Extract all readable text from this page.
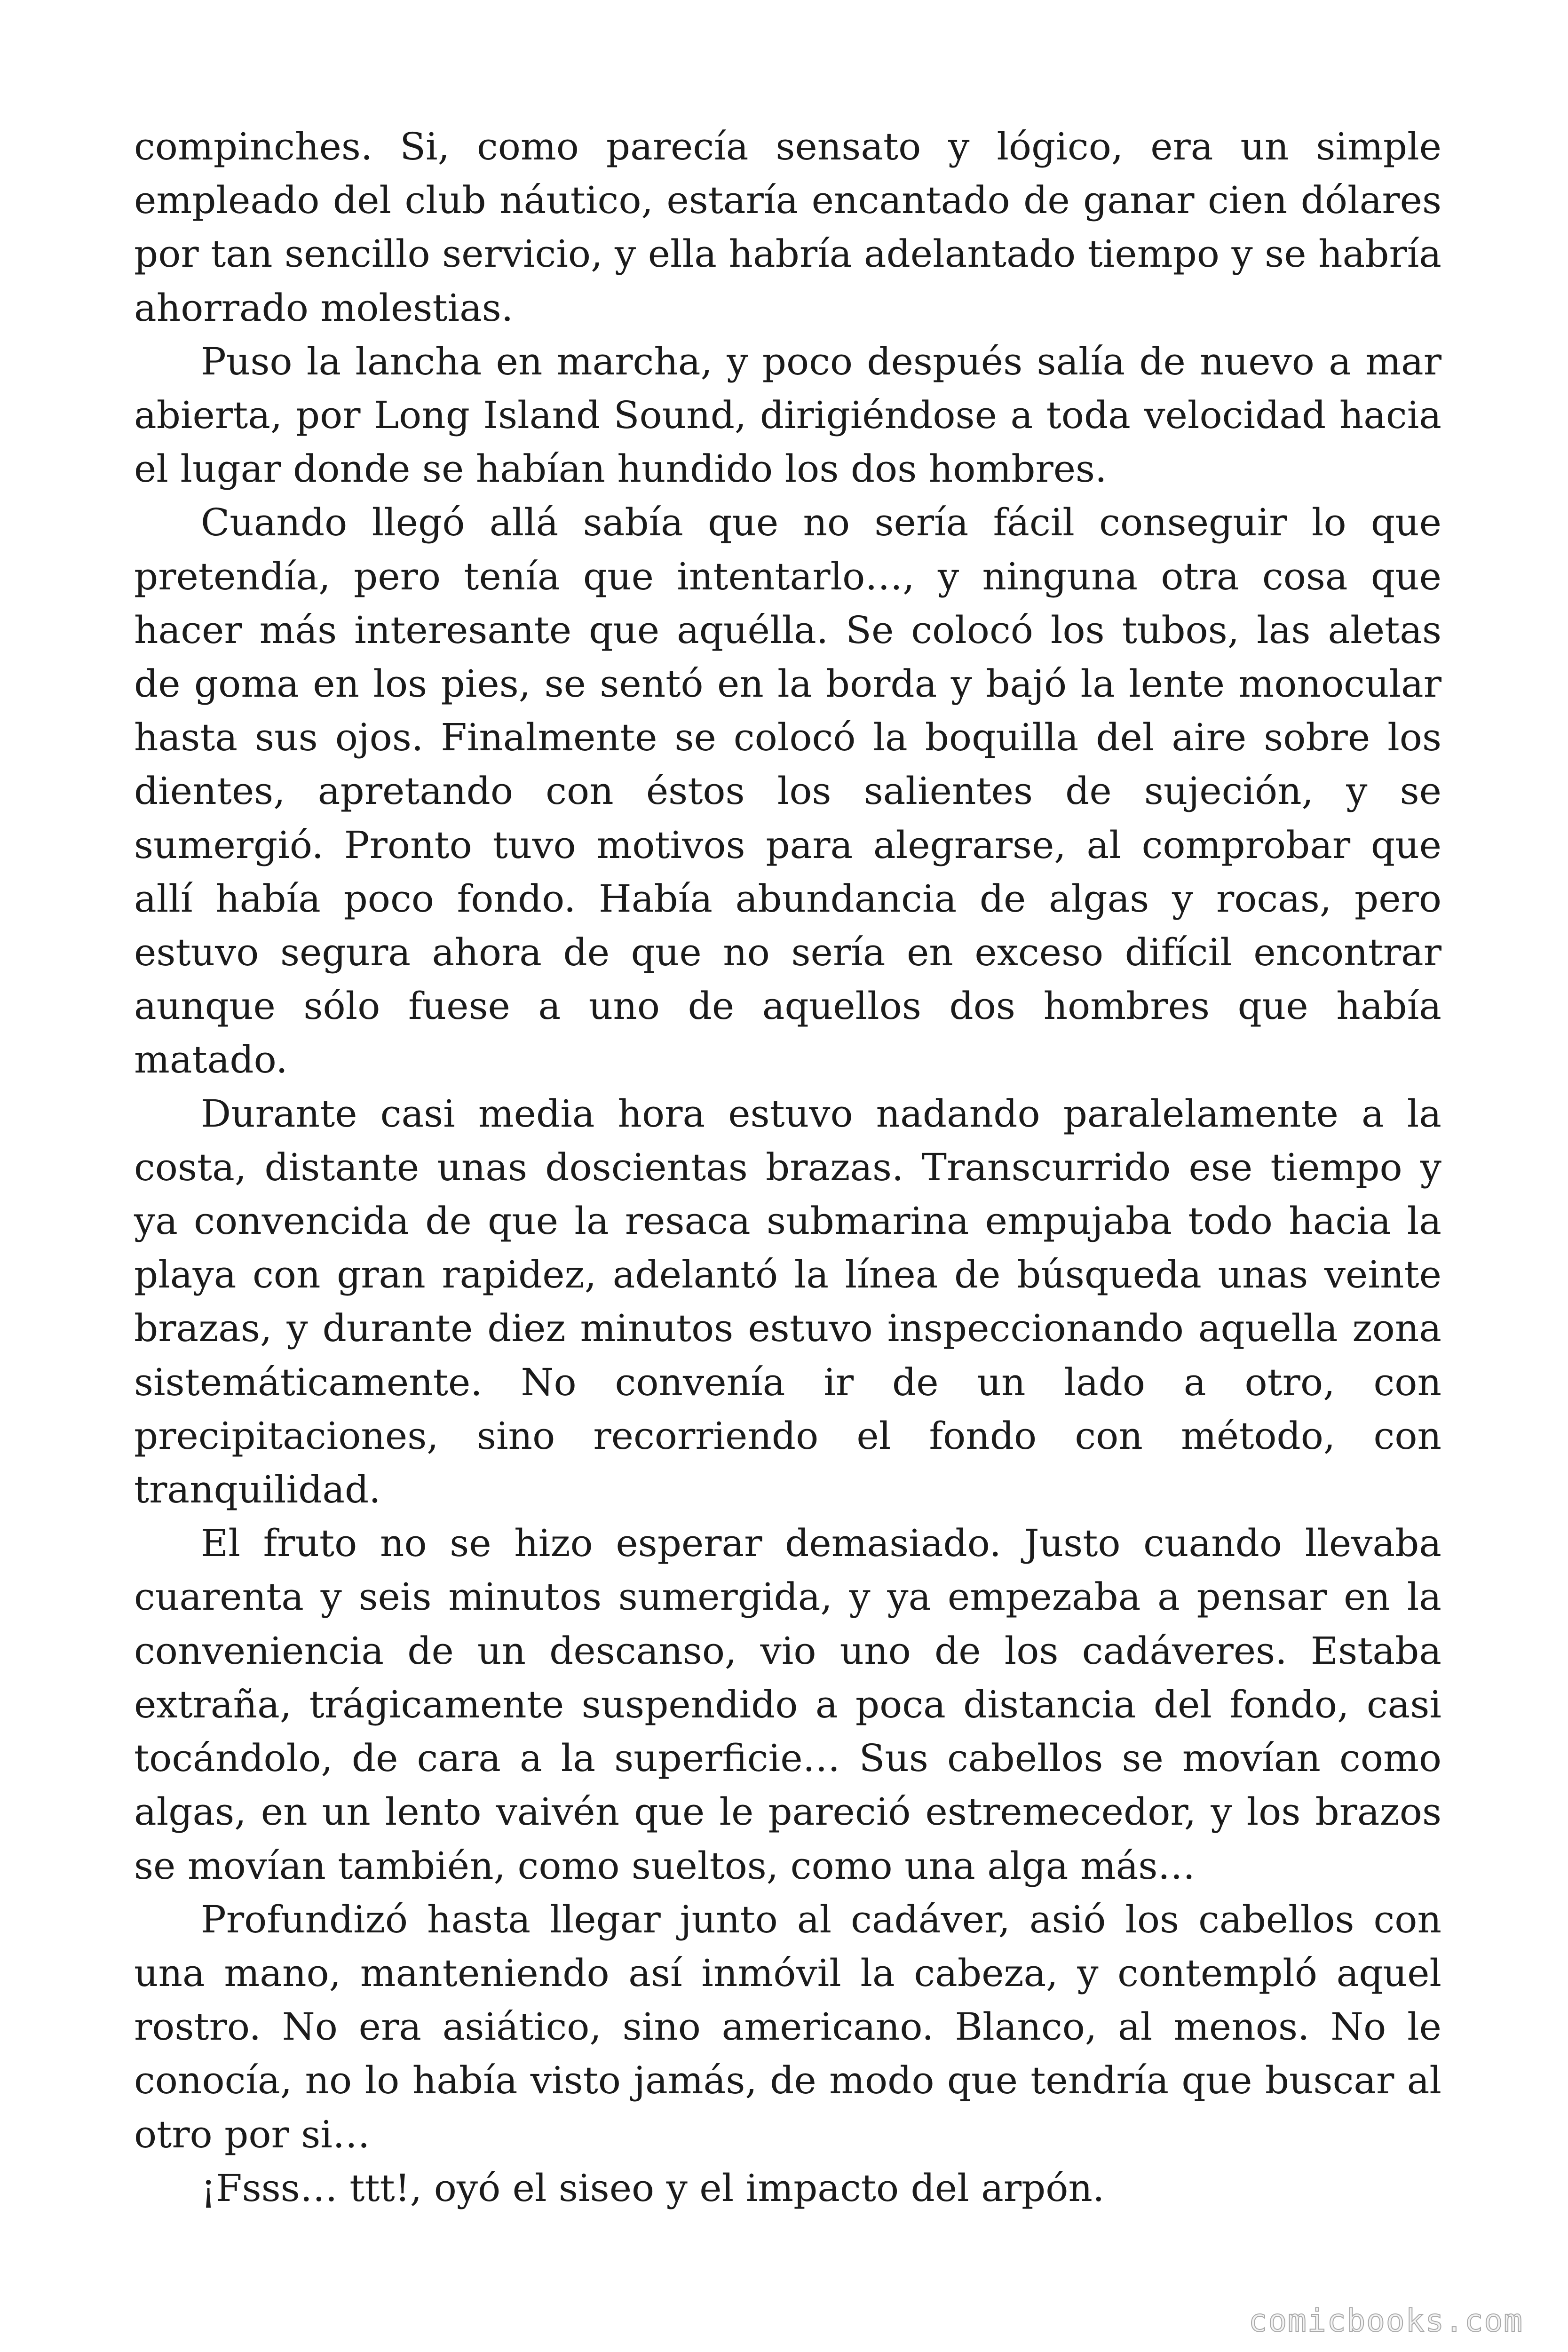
compinches. Si, como parecía sensato y lógico, era un simple empleado del club náutico, estaría encantado de ganar cien dólares por tan sencillo servicio, y ella habría adelantado tiempo y se habría ahorrado molestias.

Puso la lancha en marcha, y poco después salía de nuevo a mar abierta, por Long Island Sound, dirigiéndose a toda velocidad hacia el lugar donde se habían hundido los dos hombres.

Cuando llegó allá sabía que no sería fácil conseguir lo que pretendía, pero tenía que intentarlo…, y ninguna otra cosa que hacer más interesante que aquélla. Se colocó los tubos, las aletas de goma en los pies, se sentó en la borda y bajó la lente monocular hasta sus ojos. Finalmente se colocó la boquilla del aire sobre los dientes, apretando con éstos los salientes de sujeción, y se sumergió. Pronto tuvo motivos para alegrarse, al comprobar que allí había poco fondo. Había abundancia de algas y rocas, pero estuvo segura ahora de que no sería en exceso difícil encontrar aunque sólo fuese a uno de aquellos dos hombres que había matado.

Durante casi media hora estuvo nadando paralelamente a la costa, distante unas doscientas brazas. Transcurrido ese tiempo y ya convencida de que la resaca submarina empujaba todo hacia la playa con gran rapidez, adelantó la línea de búsqueda unas veinte brazas, y durante diez minutos estuvo inspeccionando aquella zona sistemáticamente. No convenía ir de un lado a otro, con precipitaciones, sino recorriendo el fondo con método, con tranquilidad.

El fruto no se hizo esperar demasiado. Justo cuando llevaba cuarenta y seis minutos sumergida, y ya empezaba a pensar en la conveniencia de un descanso, vio uno de los cadáveres. Estaba extraña, trágicamente suspendido a poca distancia del fondo, casi tocándolo, de cara a la superficie… Sus cabellos se movían como algas, en un lento vaivén que le pareció estremecedor, y los brazos se movían también, como sueltos, como una alga más…

Profundizó hasta llegar junto al cadáver, asió los cabellos con una mano, manteniendo así inmóvil la cabeza, y contempló aquel rostro. No era asiático, sino americano. Blanco, al menos. No le conocía, no lo había visto jamás, de modo que tendría que buscar al otro por si…

¡Fsss… ttt!, oyó el siseo y el impacto del arpón.

comicbooks.com
